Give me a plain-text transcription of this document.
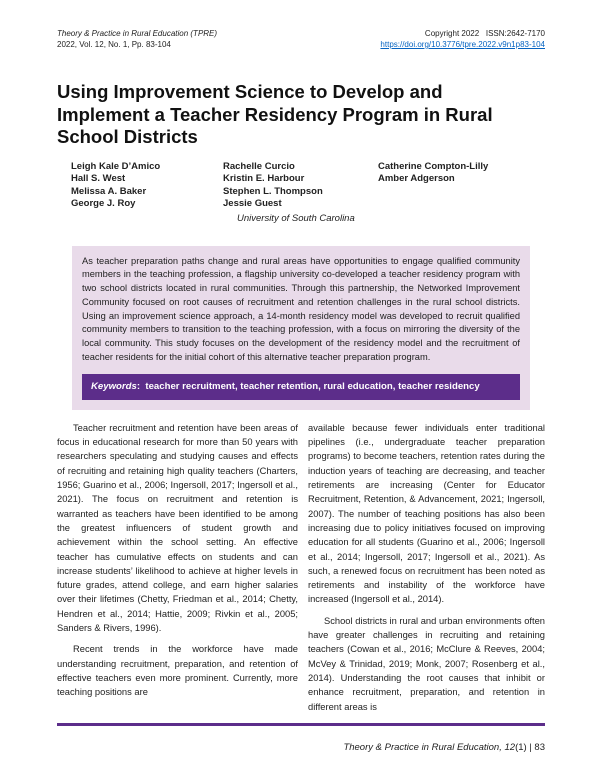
Theory & Practice in Rural Education (TPRE)
2022, Vol. 12, No. 1, Pp. 83-104
Copyright 2022   ISSN:2642-7170
https://doi.org/10.3776/tpre.2022.v9n1p83-104
Using Improvement Science to Develop and
Implement a Teacher Residency Program in Rural
School Districts
Leigh Kale D’Amico
Hall S. West
Melissa A. Baker
George J. Roy
Rachelle Curcio
Kristin E. Harbour
Stephen L. Thompson
Jessie Guest
Catherine Compton-Lilly
Amber Adgerson
University of South Carolina

As teacher preparation paths change and rural areas have opportunities to engage qualified community members in the teaching profession, a flagship university co-developed a teacher residency program with two school districts located in rural communities. Through this partnership, the Networked Improvement Community focused on root causes of recruitment and retention challenges in the rural school districts. Using an improvement science approach, a 14-month residency model was developed to recruit qualified community members to transition to the teaching profession, with a focus on mirroring the diversity of the local community. This study focuses on the development of the residency model and the recruitment of teacher residents for the initial cohort of this alternative teacher preparation program.

Keywords:  teacher recruitment, teacher retention, rural education, teacher residency

Teacher recruitment and retention have been areas of focus in educational research for more than 50 years with researchers speculating and studying causes and effects of recruiting and retaining high quality teachers (Charters, 1956; Guarino et al., 2006; Ingersoll, 2017; Ingersoll et al., 2021). The focus on recruitment and retention is warranted as teachers have been identified to be among the greatest influencers of student growth and achievement within the school setting. An effective teacher has cumulative effects on students and can increase students’ likelihood to achieve at higher levels in future grades, attend college, and earn higher salaries over their lifetimes (Chetty, Friedman et al., 2014; Chetty, Hendren et al., 2014; Hattie, 2009; Rivkin et al., 2005; Sanders & Rivers, 1996).

Recent trends in the workforce have made understanding recruitment, preparation, and retention of effective teachers even more prominent. Currently, more teaching positions are

available because fewer individuals enter traditional pipelines (i.e., undergraduate teacher preparation programs) to become teachers, retention rates during the induction years of teaching are decreasing, and teacher retirements are increasing (Center for Educator Recruitment, Retention, & Advancement, 2021; Ingersoll, 2007). The number of teaching positions has also been increasing due to policy initiatives focused on improving education for all students (Guarino et al., 2006; Ingersoll et al., 2014; Ingersoll, 2017; Ingersoll et al., 2021). As such, a renewed focus on recruitment has been noted as retirements and instability of the workforce have increased (Ingersoll et al., 2014).

School districts in rural and urban environments often have greater challenges in recruiting and retaining teachers (Cowan et al., 2016; McClure & Reeves, 2004; McVey & Trinidad, 2019; Monk, 2007; Rosenberg et al., 2014). Understanding the root causes that inhibit or enhance recruitment, preparation, and retention in different areas is

Theory & Practice in Rural Education, 12(1) | 83
